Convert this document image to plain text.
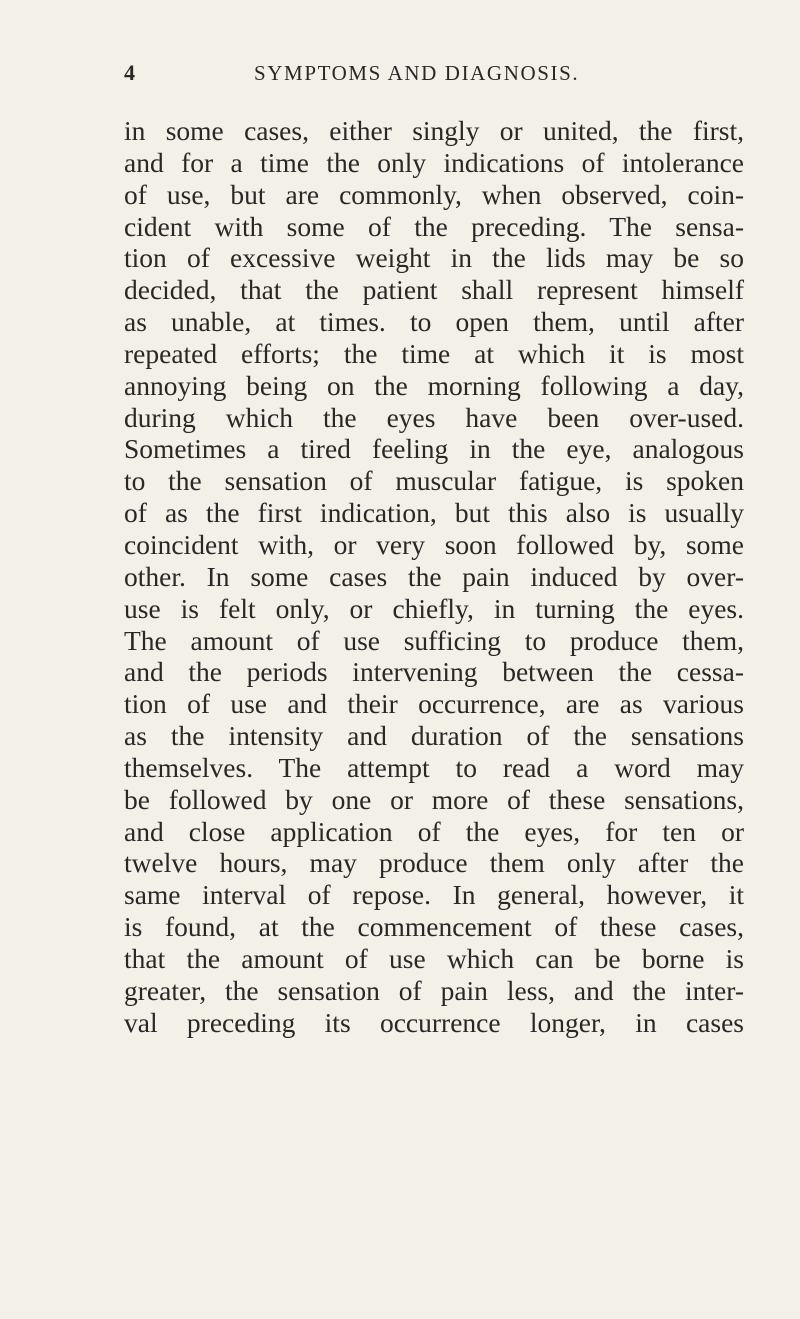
4	SYMPTOMS AND DIAGNOSIS.
in some cases, either singly or united, the first,
and for a time the only indications of intolerance
of use, but are commonly, when observed, coin-
cident with some of the preceding. The sensa-
tion of excessive weight in the lids may be so
decided, that the patient shall represent himself
as unable, at times. to open them, until after
repeated efforts; the time at which it is most
annoying being on the morning following a day,
during which the eyes have been over-used.
Sometimes a tired feeling in the eye, analogous
to the sensation of muscular fatigue, is spoken
of as the first indication, but this also is usually
coincident with, or very soon followed by, some
other. In some cases the pain induced by over-
use is felt only, or chiefly, in turning the eyes.
The amount of use sufficing to produce them,
and the periods intervening between the cessa-
tion of use and their occurrence, are as various
as the intensity and duration of the sensations
themselves. The attempt to read a word may
be followed by one or more of these sensations,
and close application of the eyes, for ten or
twelve hours, may produce them only after the
same interval of repose. In general, however, it
is found, at the commencement of these cases,
that the amount of use which can be borne is
greater, the sensation of pain less, and the inter-
val preceding its occurrence longer, in cases
